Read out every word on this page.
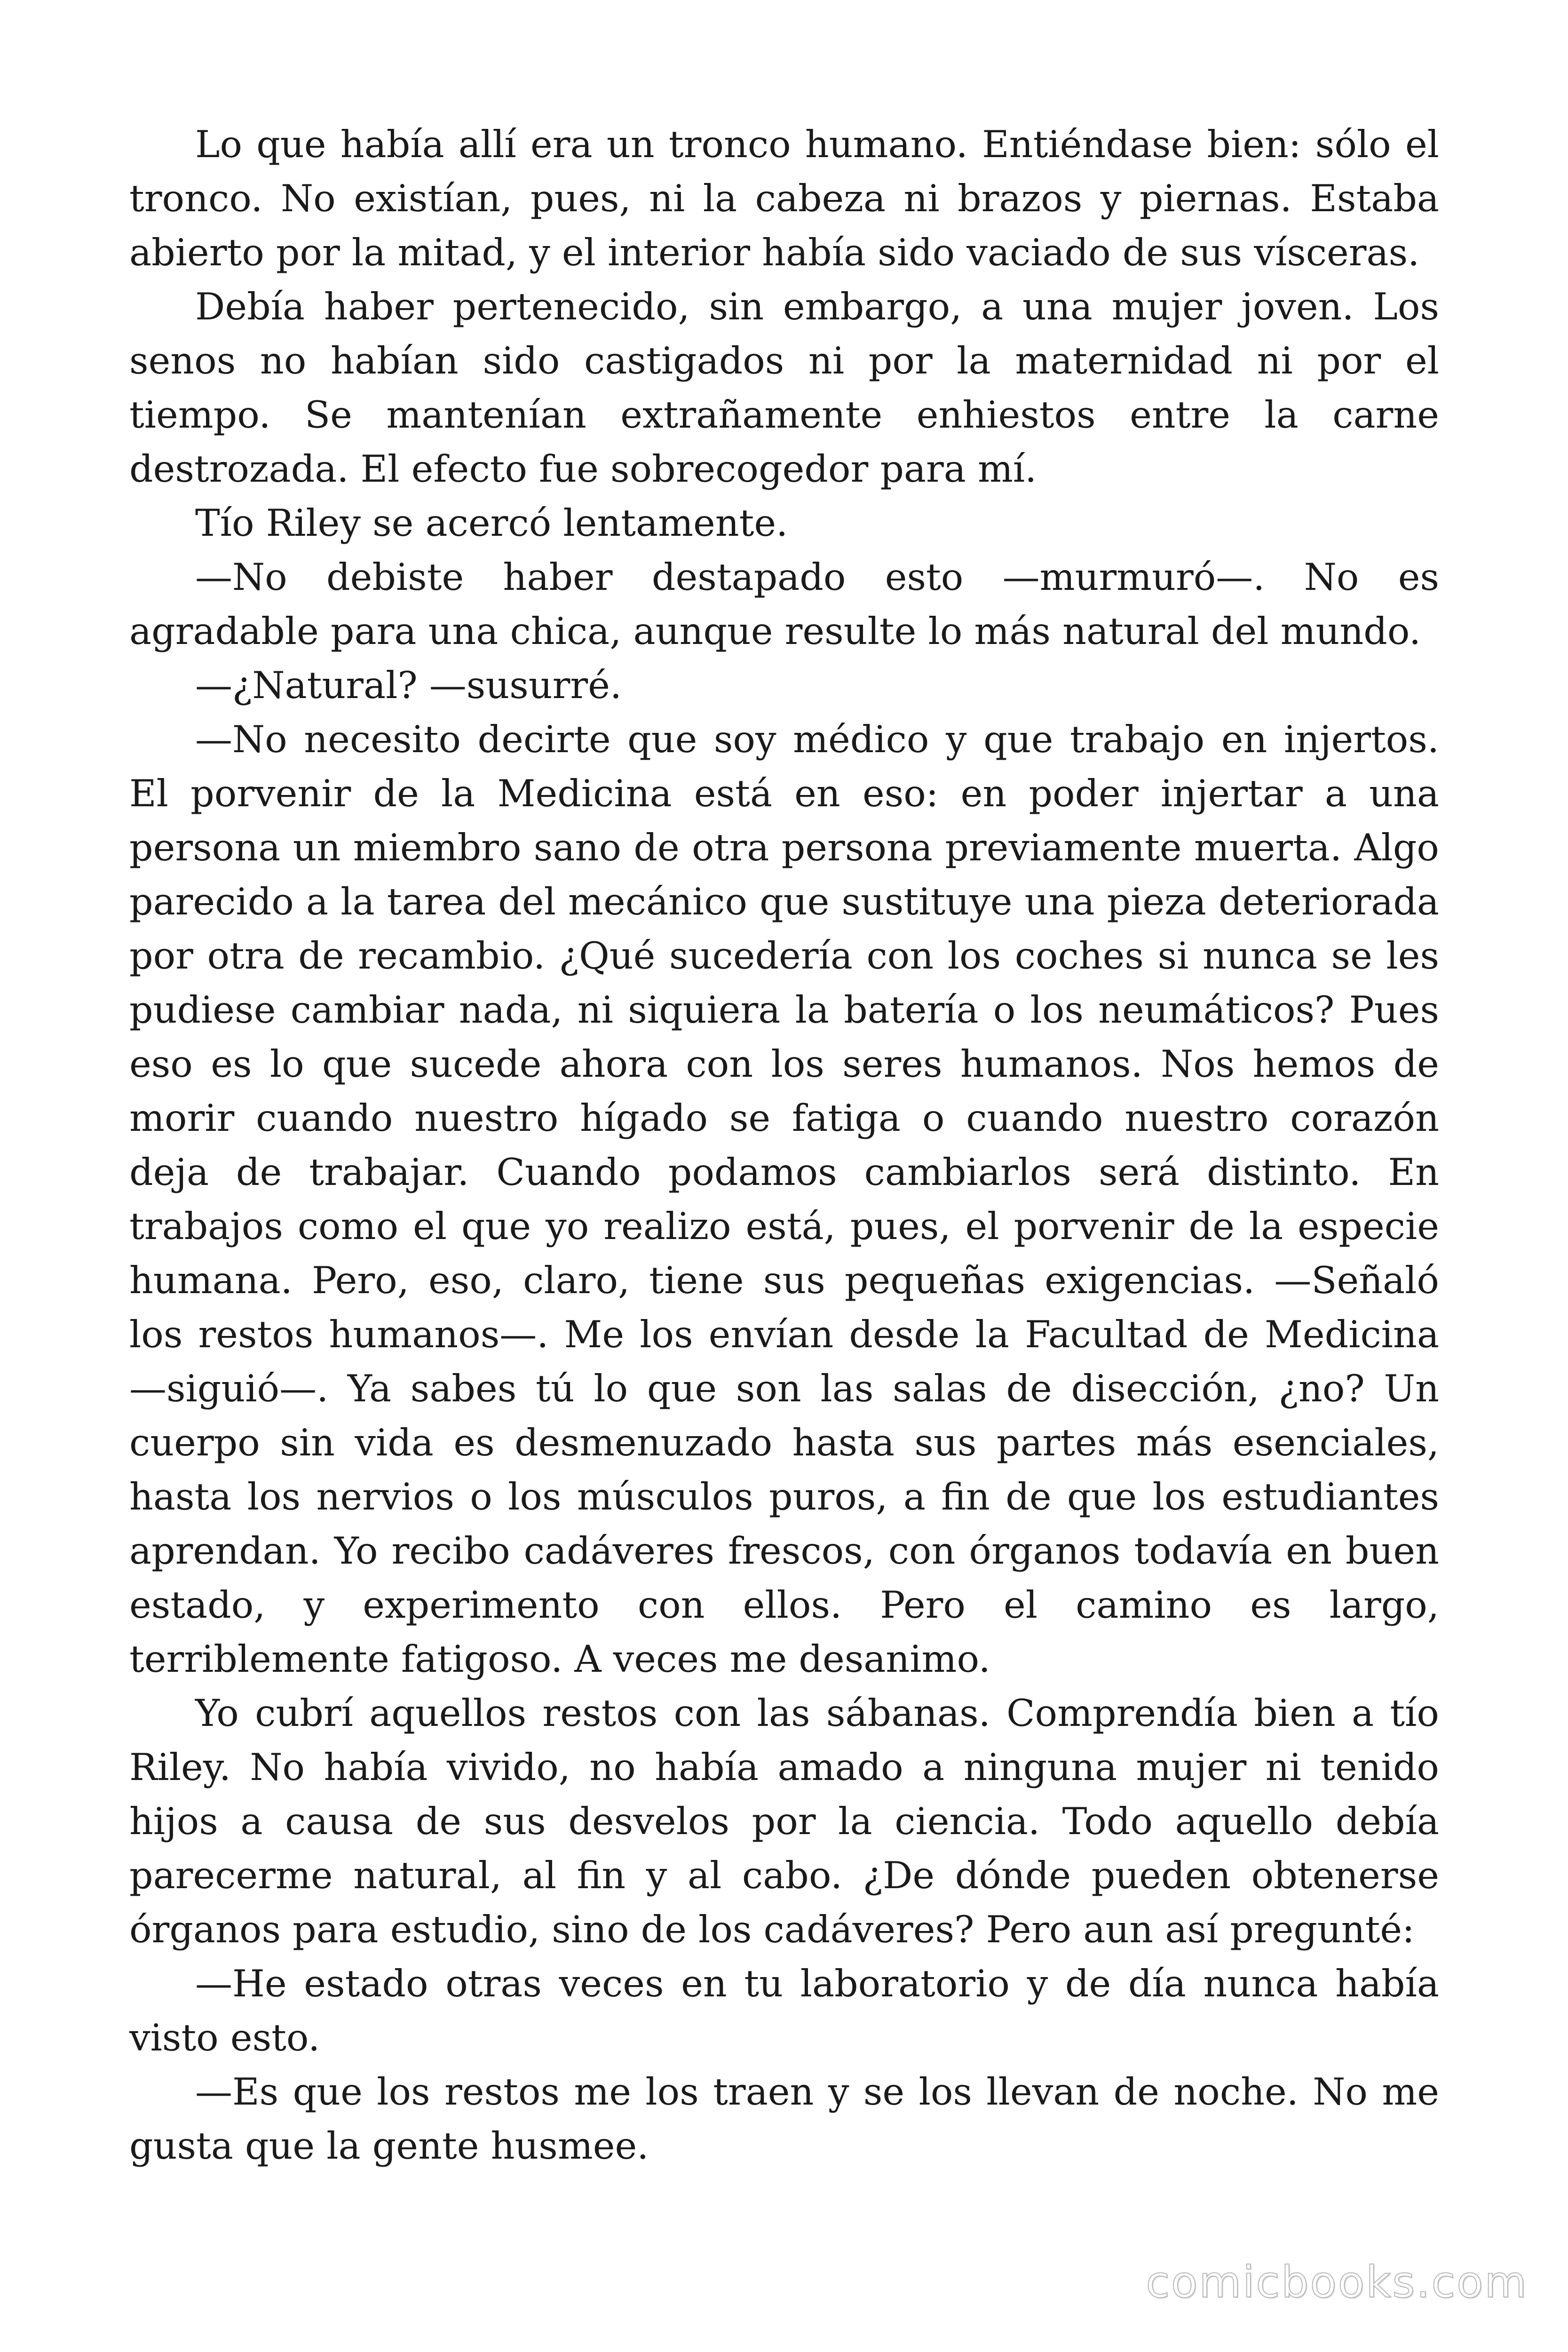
Lo que había allí era un tronco humano. Entiéndase bien: sólo el tronco. No existían, pues, ni la cabeza ni brazos y piernas. Estaba abierto por la mitad, y el interior había sido vaciado de sus vísceras.

Debía haber pertenecido, sin embargo, a una mujer joven. Los senos no habían sido castigados ni por la maternidad ni por el tiempo. Se mantenían extrañamente enhiestos entre la carne destrozada. El efecto fue sobrecogedor para mí.

Tío Riley se acercó lentamente.

—No debiste haber destapado esto —murmuró—. No es agradable para una chica, aunque resulte lo más natural del mundo.

—¿Natural? —susurré.

—No necesito decirte que soy médico y que trabajo en injertos. El porvenir de la Medicina está en eso: en poder injertar a una persona un miembro sano de otra persona previamente muerta. Algo parecido a la tarea del mecánico que sustituye una pieza deteriorada por otra de recambio. ¿Qué sucedería con los coches si nunca se les pudiese cambiar nada, ni siquiera la batería o los neumáticos? Pues eso es lo que sucede ahora con los seres humanos. Nos hemos de morir cuando nuestro hígado se fatiga o cuando nuestro corazón deja de trabajar. Cuando podamos cambiarlos será distinto. En trabajos como el que yo realizo está, pues, el porvenir de la especie humana. Pero, eso, claro, tiene sus pequeñas exigencias. —Señaló los restos humanos—. Me los envían desde la Facultad de Medicina —siguió—. Ya sabes tú lo que son las salas de disección, ¿no? Un cuerpo sin vida es desmenuzado hasta sus partes más esenciales, hasta los nervios o los músculos puros, a fin de que los estudiantes aprendan. Yo recibo cadáveres frescos, con órganos todavía en buen estado, y experimento con ellos. Pero el camino es largo, terriblemente fatigoso. A veces me desanimo.

Yo cubrí aquellos restos con las sábanas. Comprendía bien a tío Riley. No había vivido, no había amado a ninguna mujer ni tenido hijos a causa de sus desvelos por la ciencia. Todo aquello debía parecerme natural, al fin y al cabo. ¿De dónde pueden obtenerse órganos para estudio, sino de los cadáveres? Pero aun así pregunté:

—He estado otras veces en tu laboratorio y de día nunca había visto esto.

—Es que los restos me los traen y se los llevan de noche. No me gusta que la gente husmee.

comicbooks.com
